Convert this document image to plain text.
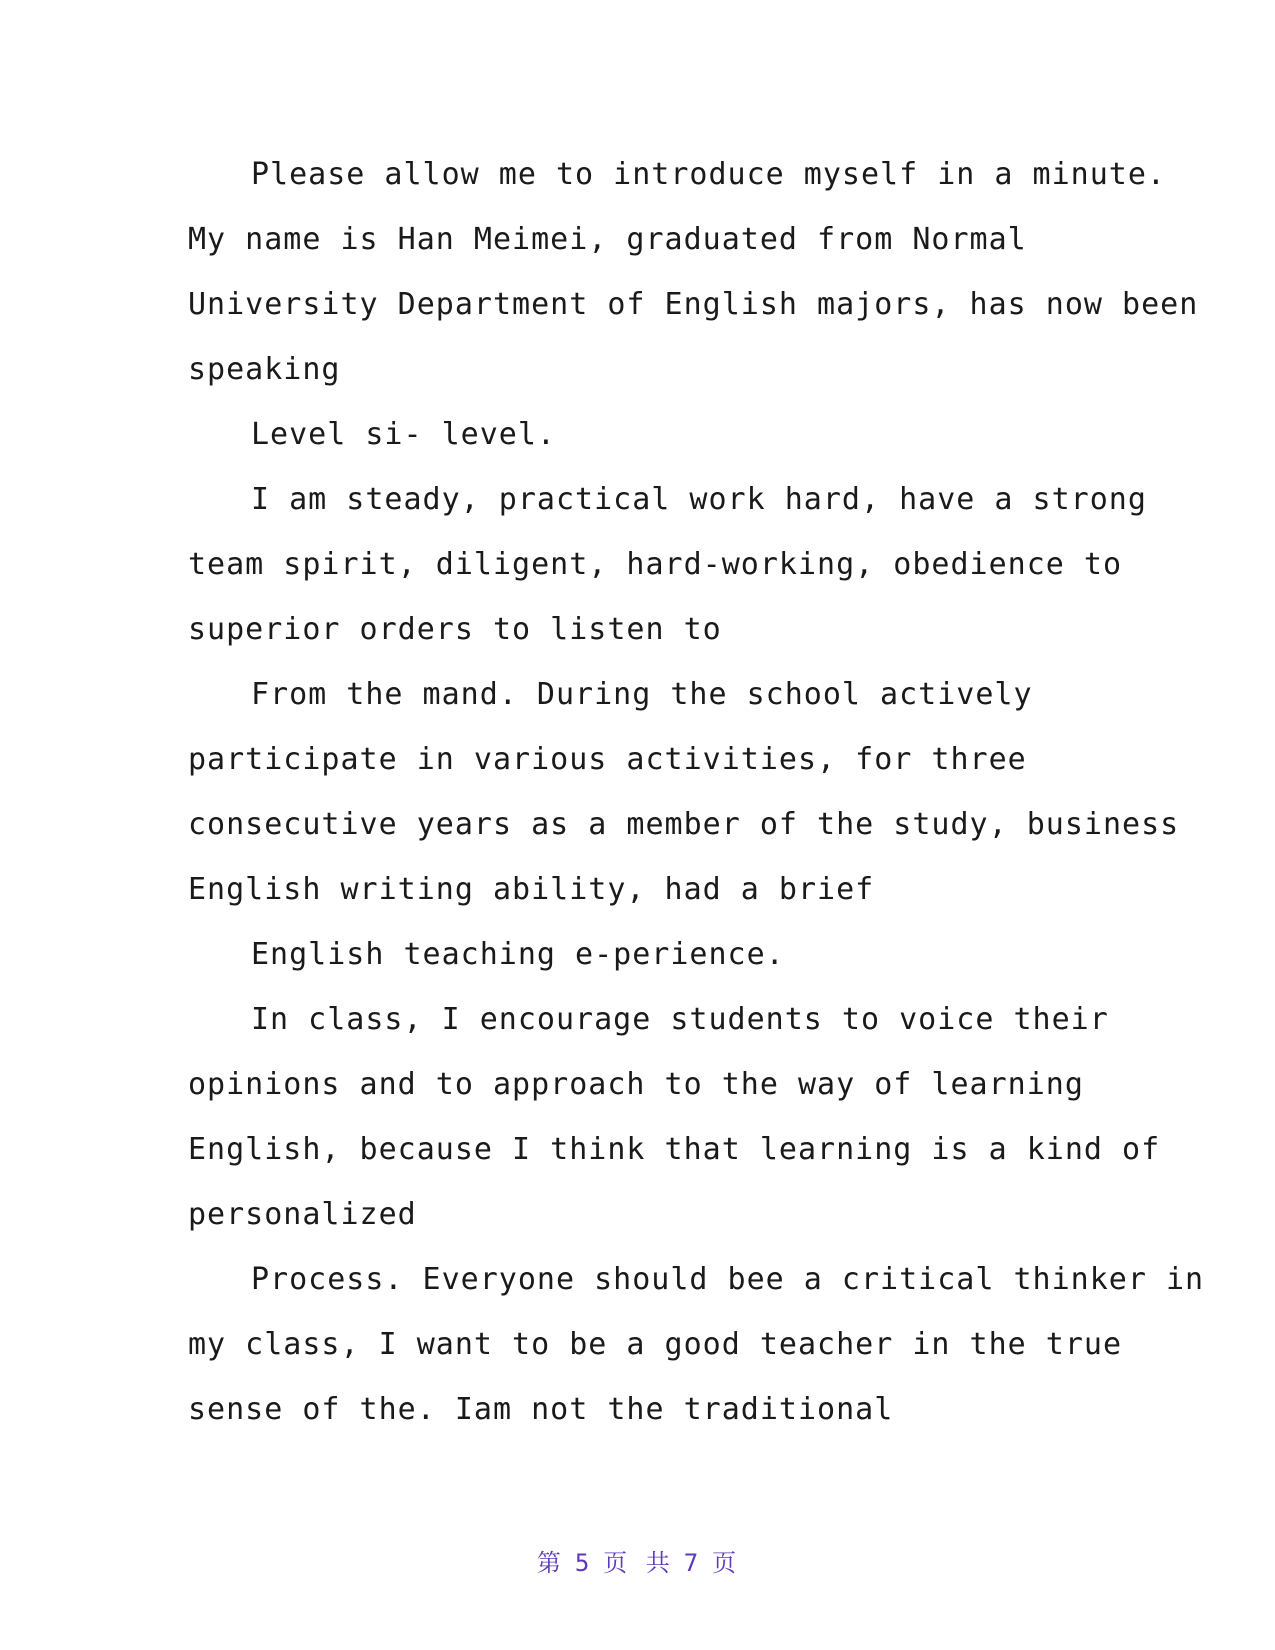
Please allow me to introduce myself in a minute.
My name is Han Meimei, graduated from Normal
University Department of English majors, has now been
speaking
Level si- level.
I am steady, practical work hard, have a strong
team spirit, diligent, hard-working, obedience to
superior orders to listen to
From the mand. During the school actively
participate in various activities, for three
consecutive years as a member of the study, business
English writing ability, had a brief
English teaching e-perience.
In class, I encourage students to voice their
opinions and to approach to the way of learning
English, because I think that learning is a kind of
personalized
Process. Everyone should bee a critical thinker in
my class, I want to be a good teacher in the true
sense of the. Iam not the traditional
第 5 页 共 7 页
